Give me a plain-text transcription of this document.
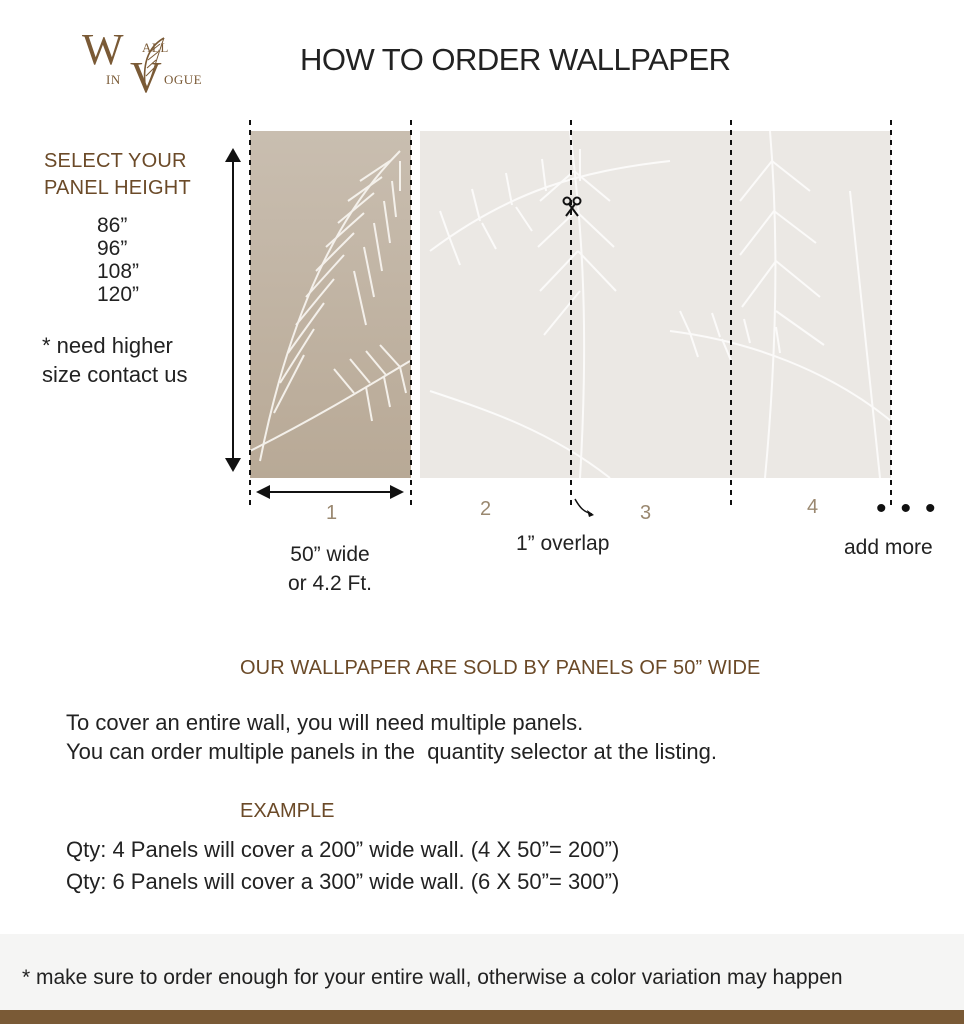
W ALL
IN V OGUE
HOW TO ORDER WALLPAPER
SELECT YOUR
PANEL HEIGHT
86”
96”
108”
120”
* need higher
size contact us
1	2	3	4 •••
50” wide
or 4.2 Ft.
1” overlap	add more
OUR WALLPAPER ARE SOLD BY PANELS OF 50” WIDE
To cover an entire wall, you will need multiple panels.
You can order multiple panels in the  quantity selector at the listing.
EXAMPLE
Qty: 4 Panels will cover a 200” wide wall. (4 X 50”= 200”)
Qty: 6 Panels will cover a 300” wide wall. (6 X 50”= 300”)
* make sure to order enough for your entire wall, otherwise a color variation may happen
